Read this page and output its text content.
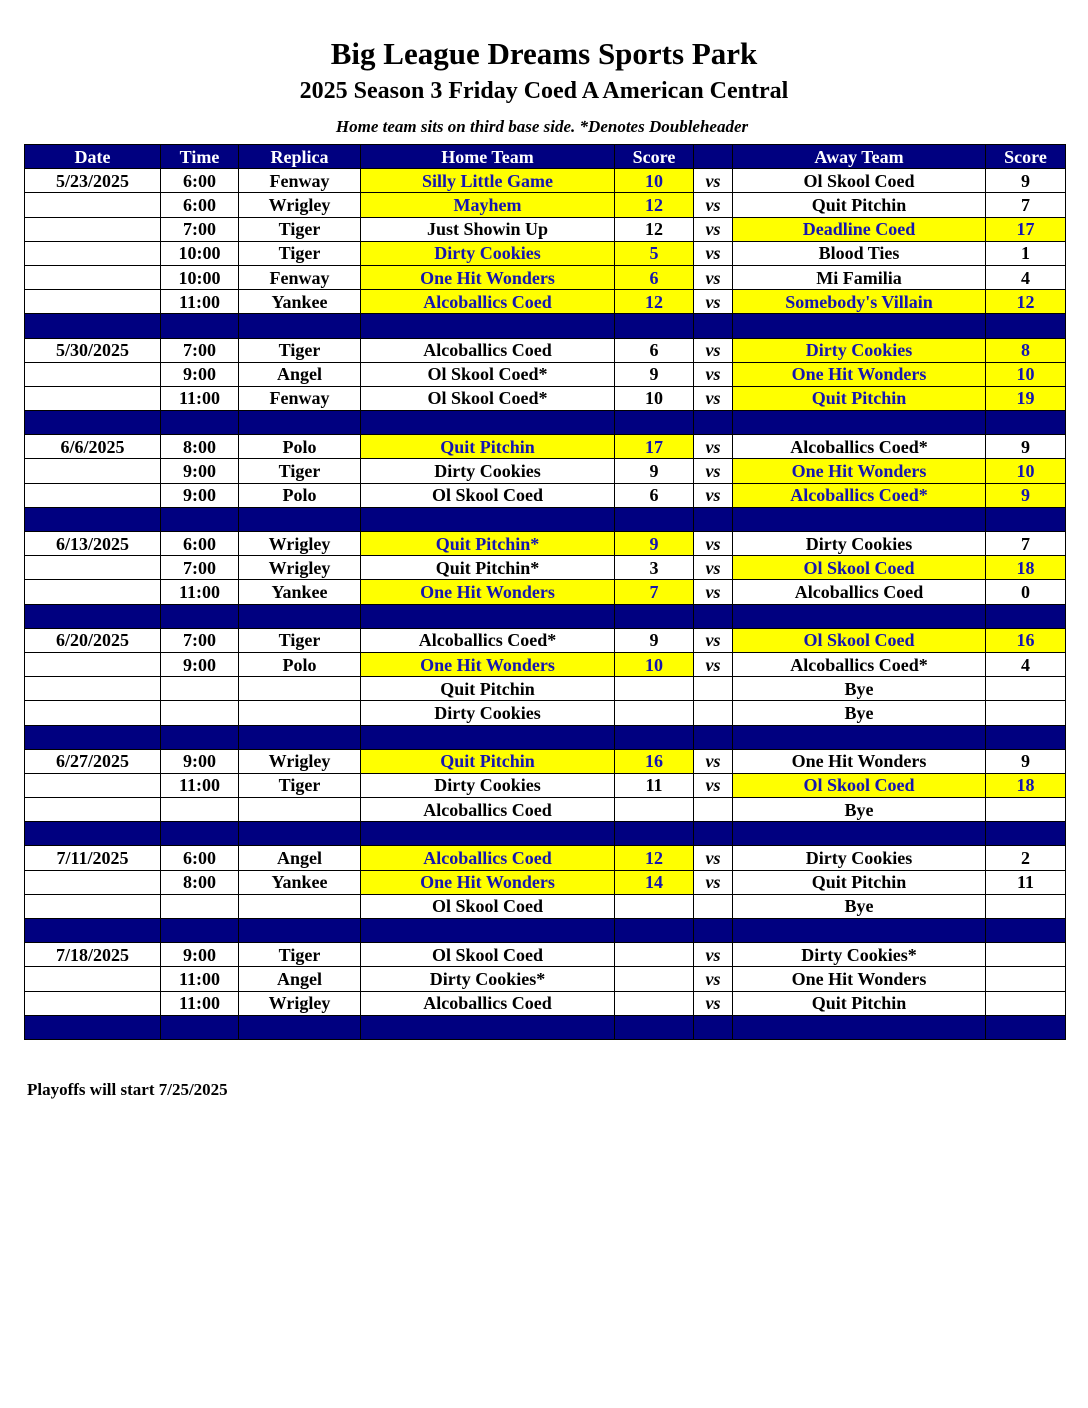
Big League Dreams Sports Park
2025 Season 3 Friday Coed A American Central
Home team sits on third base side. *Denotes Doubleheader
Date	Time	Replica	Home Team	Score		Away Team	Score
5/23/2025	6:00	Fenway	Silly Little Game	10	vs	Ol Skool Coed	9
	6:00	Wrigley	Mayhem	12	vs	Quit Pitchin	7
	7:00	Tiger	Just Showin Up	12	vs	Deadline Coed	17
	10:00	Tiger	Dirty Cookies	5	vs	Blood Ties	1
	10:00	Fenway	One Hit Wonders	6	vs	Mi Familia	4
	11:00	Yankee	Alcoballics Coed	12	vs	Somebody's Villain	12

5/30/2025	7:00	Tiger	Alcoballics Coed	6	vs	Dirty Cookies	8
	9:00	Angel	Ol Skool Coed*	9	vs	One Hit Wonders	10
	11:00	Fenway	Ol Skool Coed*	10	vs	Quit Pitchin	19

6/6/2025	8:00	Polo	Quit Pitchin	17	vs	Alcoballics Coed*	9
	9:00	Tiger	Dirty Cookies	9	vs	One Hit Wonders	10
	9:00	Polo	Ol Skool Coed	6	vs	Alcoballics Coed*	9

6/13/2025	6:00	Wrigley	Quit Pitchin*	9	vs	Dirty Cookies	7
	7:00	Wrigley	Quit Pitchin*	3	vs	Ol Skool Coed	18
	11:00	Yankee	One Hit Wonders	7	vs	Alcoballics Coed	0

6/20/2025	7:00	Tiger	Alcoballics Coed*	9	vs	Ol Skool Coed	16
	9:00	Polo	One Hit Wonders	10	vs	Alcoballics Coed*	4
			Quit Pitchin			Bye	
			Dirty Cookies			Bye	

6/27/2025	9:00	Wrigley	Quit Pitchin	16	vs	One Hit Wonders	9
	11:00	Tiger	Dirty Cookies	11	vs	Ol Skool Coed	18
			Alcoballics Coed			Bye	

7/11/2025	6:00	Angel	Alcoballics Coed	12	vs	Dirty Cookies	2
	8:00	Yankee	One Hit Wonders	14	vs	Quit Pitchin	11
			Ol Skool Coed			Bye	

7/18/2025	9:00	Tiger	Ol Skool Coed		vs	Dirty Cookies*	
	11:00	Angel	Dirty Cookies*		vs	One Hit Wonders	
	11:00	Wrigley	Alcoballics Coed		vs	Quit Pitchin	

Playoffs will start 7/25/2025
